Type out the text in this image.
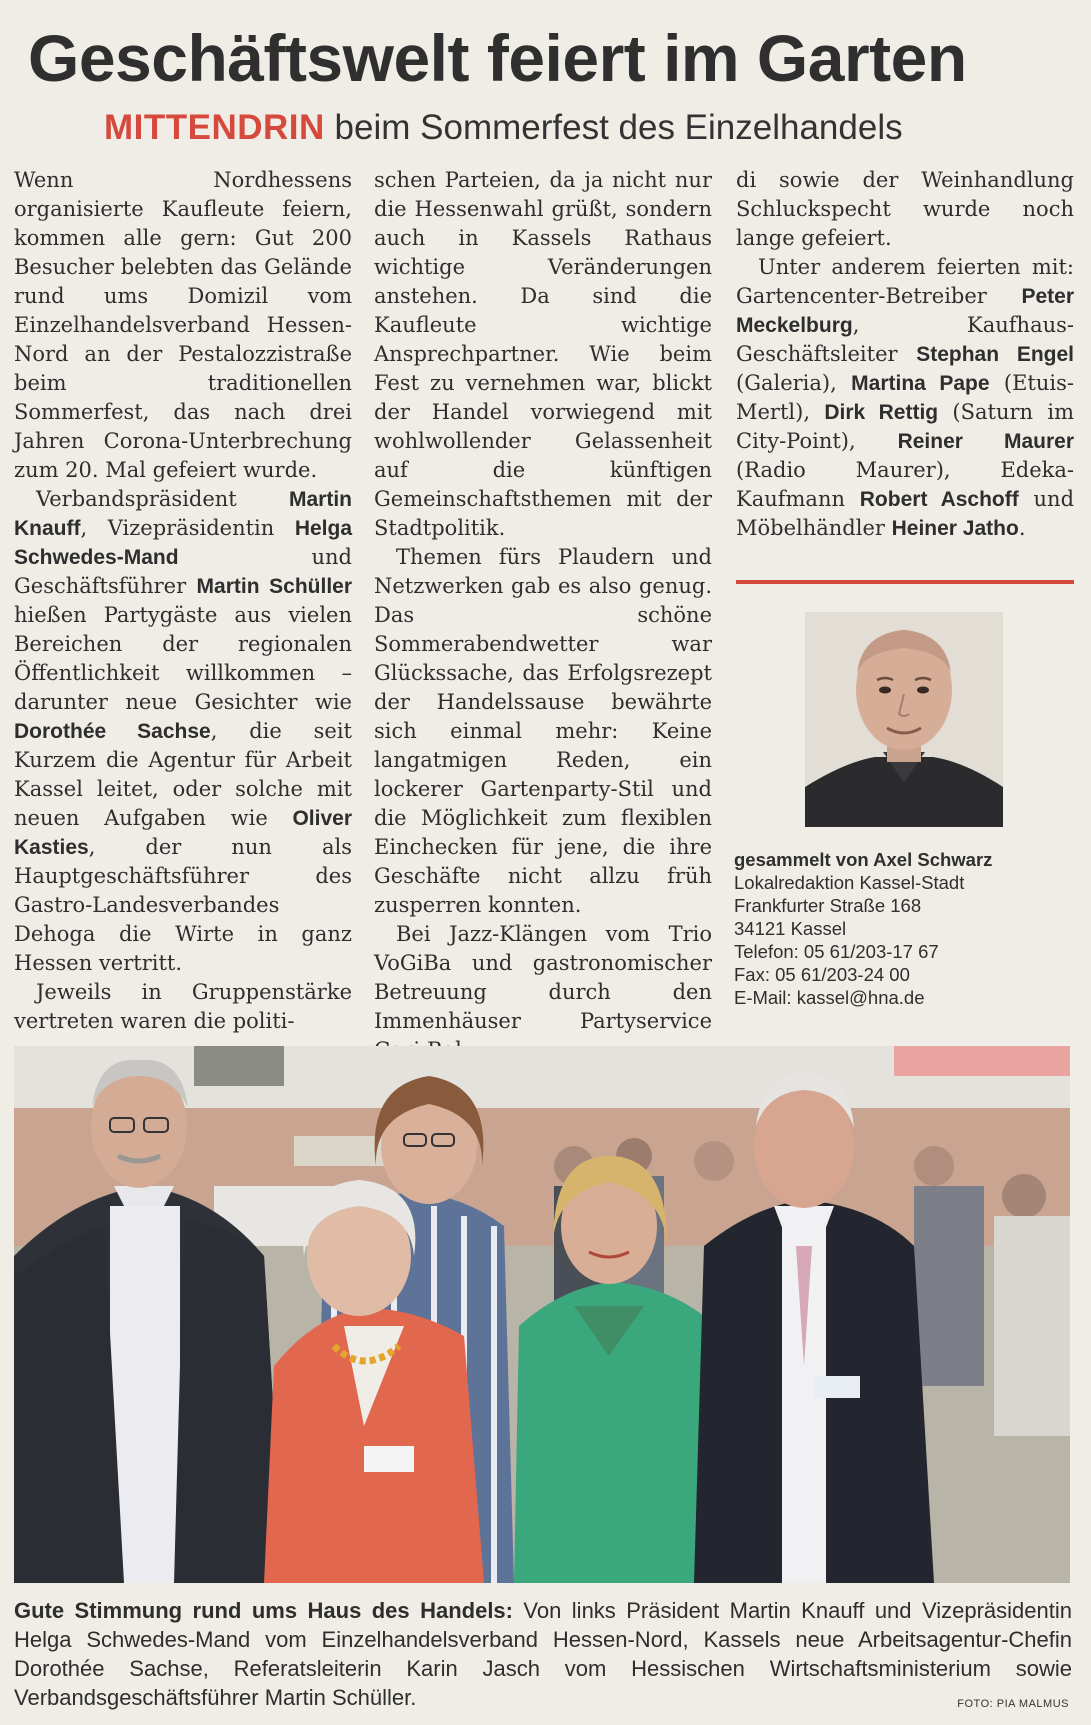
Geschäftswelt feiert im Garten
MITTENDRIN beim Sommerfest des Einzelhandels

Wenn Nordhessens organisierte Kaufleute feiern, kommen alle gern: Gut 200 Besucher belebten das Gelände rund ums Domizil vom Einzelhandelsverband Hessen-Nord an der Pestalozzistraße beim traditionellen Sommerfest, das nach drei Jahren Corona-Unterbrechung zum 20. Mal gefeiert wurde.

Verbandspräsident Martin Knauff, Vizepräsidentin Helga Schwedes-Mand und Geschäftsführer Martin Schüller hießen Partygäste aus vielen Bereichen der regionalen Öffentlichkeit willkommen – darunter neue Gesichter wie Dorothée Sachse, die seit Kurzem die Agentur für Arbeit Kassel leitet, oder solche mit neuen Aufgaben wie Oliver Kasties, der nun als Hauptgeschäftsführer des Gastro-Landesverbandes Dehoga die Wirte in ganz Hessen vertritt.

Jeweils in Gruppenstärke vertreten waren die politi-

schen Parteien, da ja nicht nur die Hessenwahl grüßt, sondern auch in Kassels Rathaus wichtige Veränderungen anstehen. Da sind die Kaufleute wichtige Ansprechpartner. Wie beim Fest zu vernehmen war, blickt der Handel vorwiegend mit wohlwollender Gelassenheit auf die künftigen Gemeinschaftsthemen mit der Stadtpolitik.

Themen fürs Plaudern und Netzwerken gab es also genug. Das schöne Sommerabendwetter war Glückssache, das Erfolgsrezept der Handelssause bewährte sich einmal mehr: Keine langatmigen Reden, ein lockerer Gartenparty-Stil und die Möglichkeit zum flexiblen Einchecken für jene, die ihre Geschäfte nicht allzu früh zusperren konnten.

Bei Jazz-Klängen vom Trio VoGiBa und gastronomischer Betreuung durch den Immenhäuser Partyservice

di sowie der Weinhandlung Schluckspecht wurde noch lange gefeiert.

Unter anderem feierten mit: Gartencenter-Betreiber Peter Meckelburg, Kaufhaus-Geschäftsleiter Stephan Engel (Galeria), Martina Pape (Etuis-Mertl), Dirk Rettig (Saturn im City-Point), Reiner Maurer (Radio Maurer), Edeka-Kaufmann Robert Aschoff und Möbelhändler Heiner Jatho.

gesammelt von Axel Schwarz
Lokalredaktion Kassel-Stadt
Frankfurter Straße 168
34121 Kassel
Telefon: 05 61/203-17 67
Fax: 05 61/203-24 00
E-Mail: kassel@hna.de
Gute Stimmung rund ums Haus des Handels: Von links Präsident Martin Knauff und Vizepräsidentin Helga Schwedes-Mand vom Einzelhandelsverband Hessen-Nord, Kassels neue Arbeitsagentur-Chefin Dorothée Sachse, Referatsleiterin Karin Jasch vom Hessischen Wirtschaftsministerium sowie Verbandsgeschäftsführer Martin Schüller.	FOTO: PIA MALMUS
